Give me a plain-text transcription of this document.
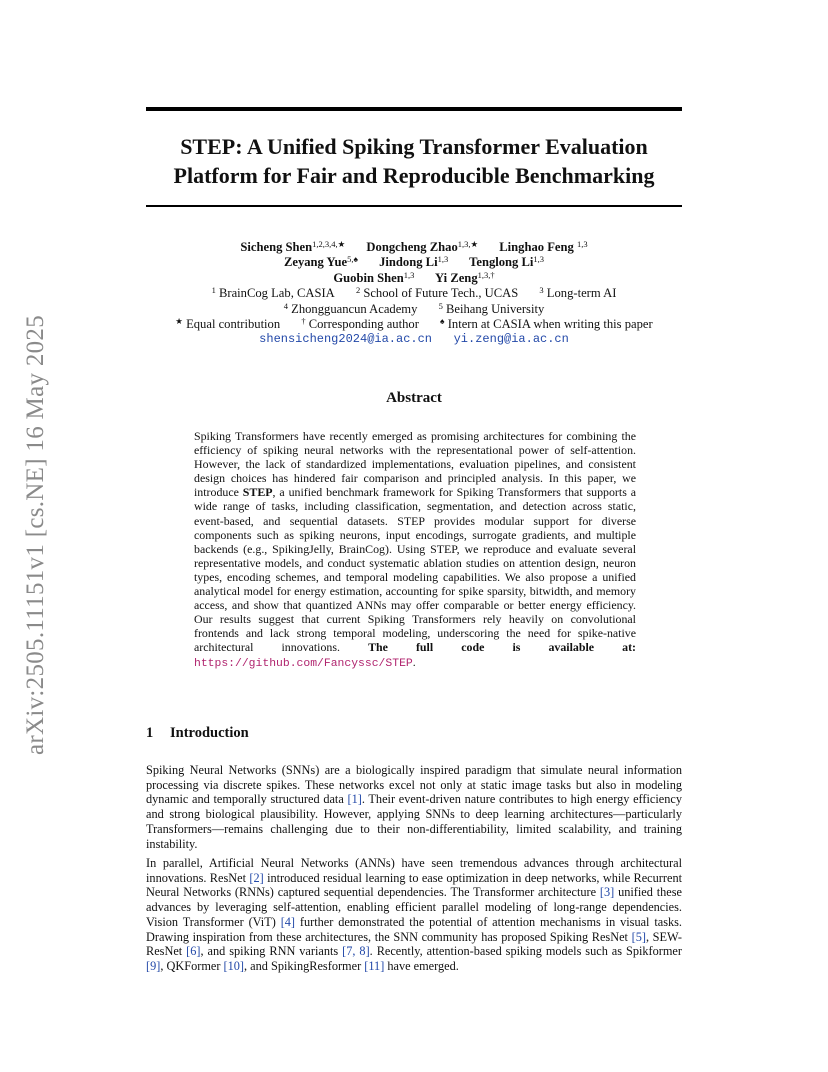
arXiv:2505.11151v1 [cs.NE] 16 May 2025
STEP: A Unified Spiking Transformer Evaluation
Platform for Fair and Reproducible Benchmarking
Sicheng Shen$^{1,2,3,4,★}$ Dongcheng Zhao$^{1,3,★}$ Linghao Feng $^{1,3}$
Zeyang Yue$^{5,♠}$ Jindong Li$^{1,3}$ Tenglong Li$^{1,3}$
Guobin Shen$^{1,3}$ Yi Zeng$^{1,3,\dagger}$
$^1$ BrainCog Lab, CASIA $^2$ School of Future Tech., UCAS $^3$ Long-term AI
$^4$ Zhongguancun Academy $^5$ Beihang University
★ Equal contribution † Corresponding author ♠ Intern at CASIA when writing this paper
shensicheng2024@ia.ac.cn yi.zeng@ia.ac.cn
Abstract

Spiking Transformers have recently emerged as promising architectures for combining the efficiency of spiking neural networks with the representational power of self-attention. However, the lack of standardized implementations, evaluation pipelines, and consistent design choices has hindered fair comparison and principled analysis. In this paper, we introduce STEP, a unified benchmark framework for Spiking Transformers that supports a wide range of tasks, including classification, segmentation, and detection across static, event-based, and sequential datasets. STEP provides modular support for diverse components such as spiking neurons, input encodings, surrogate gradients, and multiple backends (e.g., SpikingJelly, BrainCog). Using STEP, we reproduce and evaluate several representative models, and conduct systematic ablation studies on attention design, neuron types, encoding schemes, and temporal modeling capabilities. We also propose a unified analytical model for energy estimation, accounting for spike sparsity, bitwidth, and memory access, and show that quantized ANNs may offer comparable or better energy efficiency. Our results suggest that current Spiking Transformers rely heavily on convolutional frontends and lack strong temporal modeling, underscoring the need for spike-native architectural innovations. The full code is available at: https://github.com/Fancyssc/STEP.

1 Introduction

Spiking Neural Networks (SNNs) are a biologically inspired paradigm that simulate neural information processing via discrete spikes. These networks excel not only at static image tasks but also in modeling dynamic and temporally structured data [1]. Their event-driven nature contributes to high energy efficiency and strong biological plausibility. However, applying SNNs to deep learning architectures—particularly Transformers—remains challenging due to their non-differentiability, limited scalability, and training instability.

In parallel, Artificial Neural Networks (ANNs) have seen tremendous advances through architectural innovations. ResNet [2] introduced residual learning to ease optimization in deep networks, while Recurrent Neural Networks (RNNs) captured sequential dependencies. The Transformer architecture [3] unified these advances by leveraging self-attention, enabling efficient parallel modeling of long-range dependencies. Vision Transformer (ViT) [4] further demonstrated the potential of attention mechanisms in visual tasks. Drawing inspiration from these architectures, the SNN community has proposed Spiking ResNet [5], SEW-ResNet [6], and spiking RNN variants [7, 8]. Recently, attention-based spiking models such as Spikformer [9], QKFormer [10], and SpikingResformer [11] have emerged.
